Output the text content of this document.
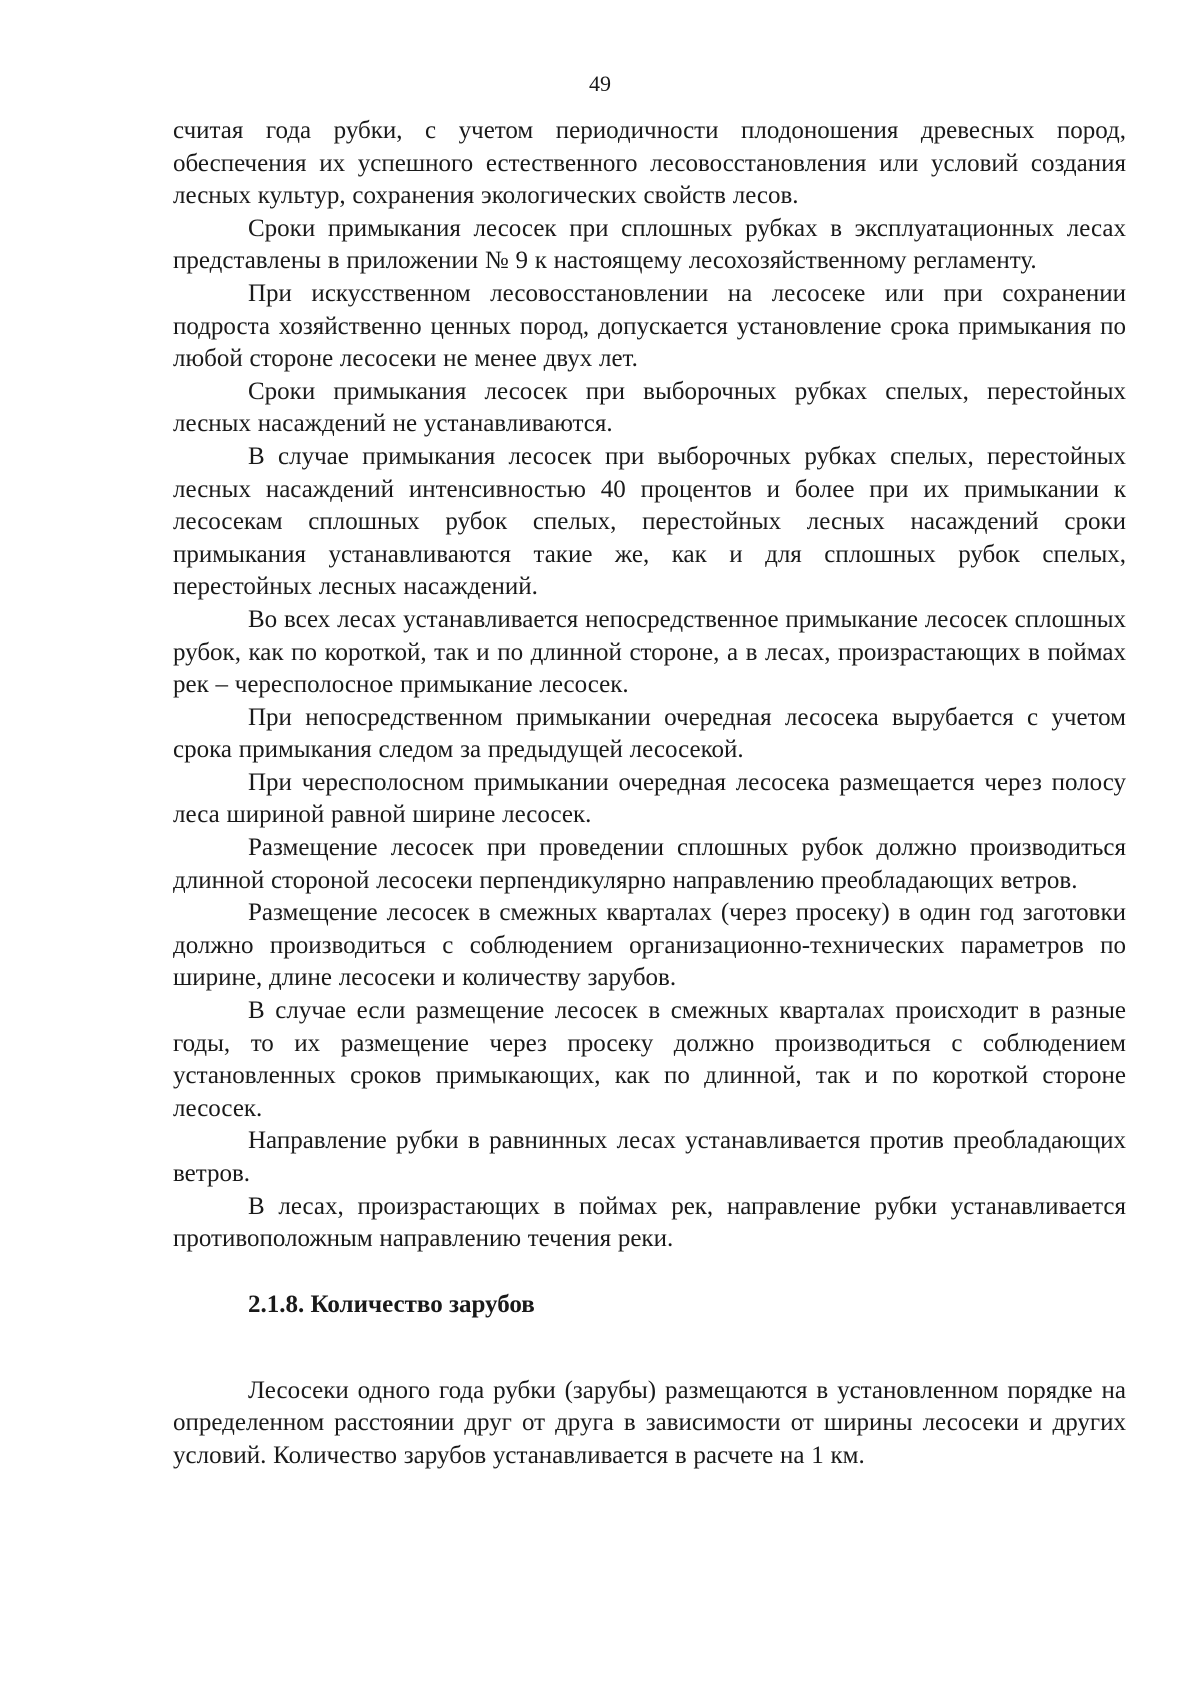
49

считая года рубки, с учетом периодичности плодоношения древесных пород, обеспечения их успешного естественного лесовосстановления или условий создания лесных культур, сохранения экологических свойств лесов.

Сроки примыкания лесосек при сплошных рубках в эксплуатационных лесах представлены в приложении № 9 к настоящему лесохозяйственному регламенту.

При искусственном лесовосстановлении на лесосеке или при сохранении подроста хозяйственно ценных пород, допускается установление срока примыкания по любой стороне лесосеки не менее двух лет.

Сроки примыкания лесосек при выборочных рубках спелых, перестойных лесных насаждений не устанавливаются.

В случае примыкания лесосек при выборочных рубках спелых, перестойных лесных насаждений интенсивностью 40 процентов и более при их примыкании к лесосекам сплошных рубок спелых, перестойных лесных насаждений сроки примыкания устанавливаются такие же, как и для сплошных рубок спелых, перестойных лесных насаждений.

Во всех лесах устанавливается непосредственное примыкание лесосек сплошных рубок, как по короткой, так и по длинной стороне, а в лесах, произрастающих в поймах рек – чересполосное примыкание лесосек.

При непосредственном примыкании очередная лесосека вырубается с учетом срока примыкания следом за предыдущей лесосекой.

При чересполосном примыкании очередная лесосека размещается через полосу леса шириной равной ширине лесосек.

Размещение лесосек при проведении сплошных рубок должно производиться длинной стороной лесосеки перпендикулярно направлению преобладающих ветров.

Размещение лесосек в смежных кварталах (через просеку) в один год заготовки должно производиться с соблюдением организационно-технических параметров по ширине, длине лесосеки и количеству зарубов.

В случае если размещение лесосек в смежных кварталах происходит в разные годы, то их размещение через просеку должно производиться с соблюдением установленных сроков примыкающих, как по длинной, так и по короткой стороне лесосек.

Направление рубки в равнинных лесах устанавливается против преобладающих ветров.

В лесах, произрастающих в поймах рек, направление рубки устанавливается противоположным направлению течения реки.

2.1.8. Количество зарубов

Лесосеки одного года рубки (зарубы) размещаются в установленном порядке на определенном расстоянии друг от друга в зависимости от ширины лесосеки и других условий. Количество зарубов устанавливается в расчете на 1 км.
